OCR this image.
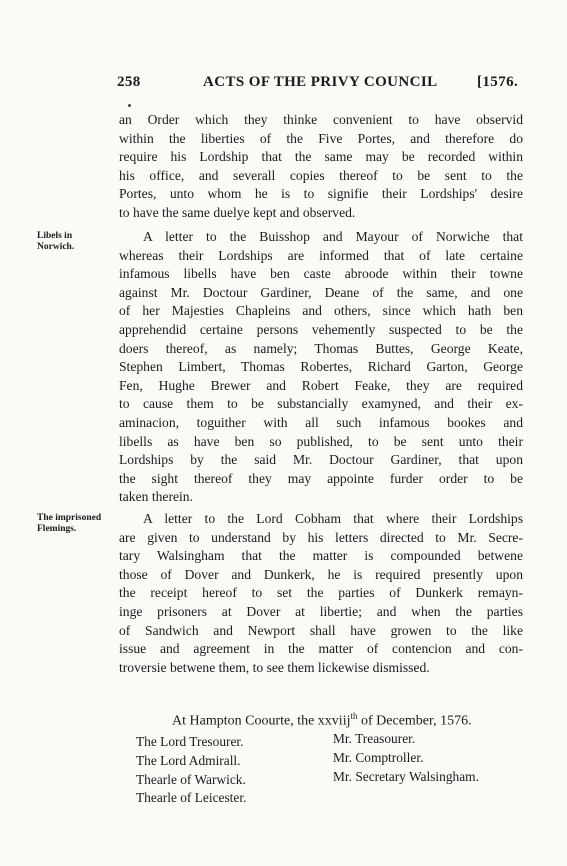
258	ACTS OF THE PRIVY COUNCIL	[1576.

an Order which they thinke convenient to have observid
within the liberties of the Five Portes, and therefore do
require his Lordship that the same may be recorded within
his office, and severall copies thereof to be sent to the
Portes, unto whom he is to signifie their Lordships' desire
to have the same duelye kept and observed.

Libels in
Norwich.

A letter to the Buisshop and Mayour of Norwiche that
whereas their Lordships are informed that of late certaine
infamous libells have ben caste abroode within their towne
against Mr. Doctour Gardiner, Deane of the same, and one
of her Majesties Chapleins and others, since which hath ben
apprehendid certaine persons vehemently suspected to be the
doers thereof, as namely; Thomas Buttes, George Keate,
Stephen Limbert, Thomas Robertes, Richard Garton, George
Fen, Hughe Brewer and Robert Feake, they are required
to cause them to be substancially examyned, and their ex-
aminacion, toguither with all such infamous bookes and
libells as have ben so published, to be sent unto their
Lordships by the said Mr. Doctour Gardiner, that upon
the sight thereof they may appointe furder order to be
taken therein.

The imprisoned
Flemings.

A letter to the Lord Cobham that where their Lordships
are given to understand by his letters directed to Mr. Secre-
tary Walsingham that the matter is compounded betwene
those of Dover and Dunkerk, he is required presently upon
the receipt hereof to set the parties of Dunkerk remayn-
inge prisoners at Dover at libertie; and when the parties
of Sandwich and Newport shall have growen to the like
issue and agreement in the matter of contencion and con-
troversie betwene them, to see them lickewise dismissed.

At Hampton Coourte, the xxviij$^{th}$ of December, 1576.
The Lord Tresourer.
The Lord Admirall.
Thearle of Warwick.
Thearle of Leicester.
Mr. Treasourer.
Mr. Comptroller.
Mr. Secretary Walsingham.
